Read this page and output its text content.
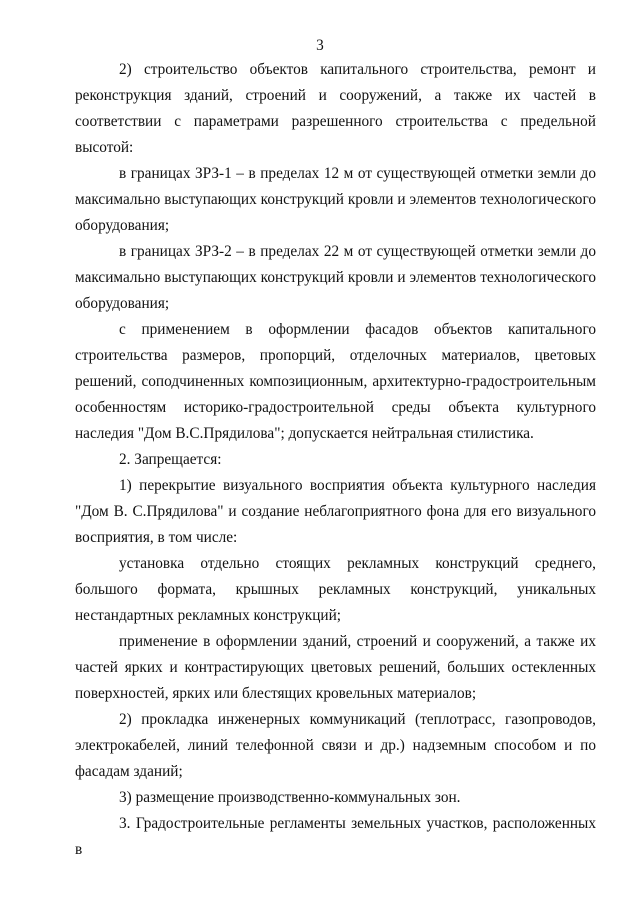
3

2) строительство объектов капитального строительства, ремонт и реконструкция зданий, строений и сооружений, а также их частей в соответствии с параметрами разрешенного строительства с предельной высотой:

в границах ЗРЗ-1 – в пределах 12 м от существующей отметки земли до максимально выступающих конструкций кровли и элементов технологического оборудования;

в границах ЗРЗ-2 – в пределах 22 м от существующей отметки земли до максимально выступающих конструкций кровли и элементов технологического оборудования;

с применением в оформлении фасадов объектов капитального строительства размеров, пропорций, отделочных материалов, цветовых решений, соподчиненных композиционным, архитектурно-градостроительным особенностям историко-градостроительной среды объекта культурного наследия "Дом В.С.Прядилова"; допускается нейтральная стилистика.

2. Запрещается:

1) перекрытие визуального восприятия объекта культурного наследия "Дом В. С.Прядилова" и создание неблагоприятного фона для его визуального восприятия, в том числе:

установка отдельно стоящих рекламных конструкций среднего, большого формата, крышных рекламных конструкций, уникальных нестандартных рекламных конструкций;

применение в оформлении зданий, строений и сооружений, а также их частей ярких и контрастирующих цветовых решений, больших остекленных поверхностей, ярких или блестящих кровельных материалов;

2) прокладка инженерных коммуникаций (теплотрасс, газопроводов, электрокабелей, линий телефонной связи и др.) надземным способом и по фасадам зданий;

3) размещение производственно-коммунальных зон.

3. Градостроительные регламенты земельных участков, расположенных в
